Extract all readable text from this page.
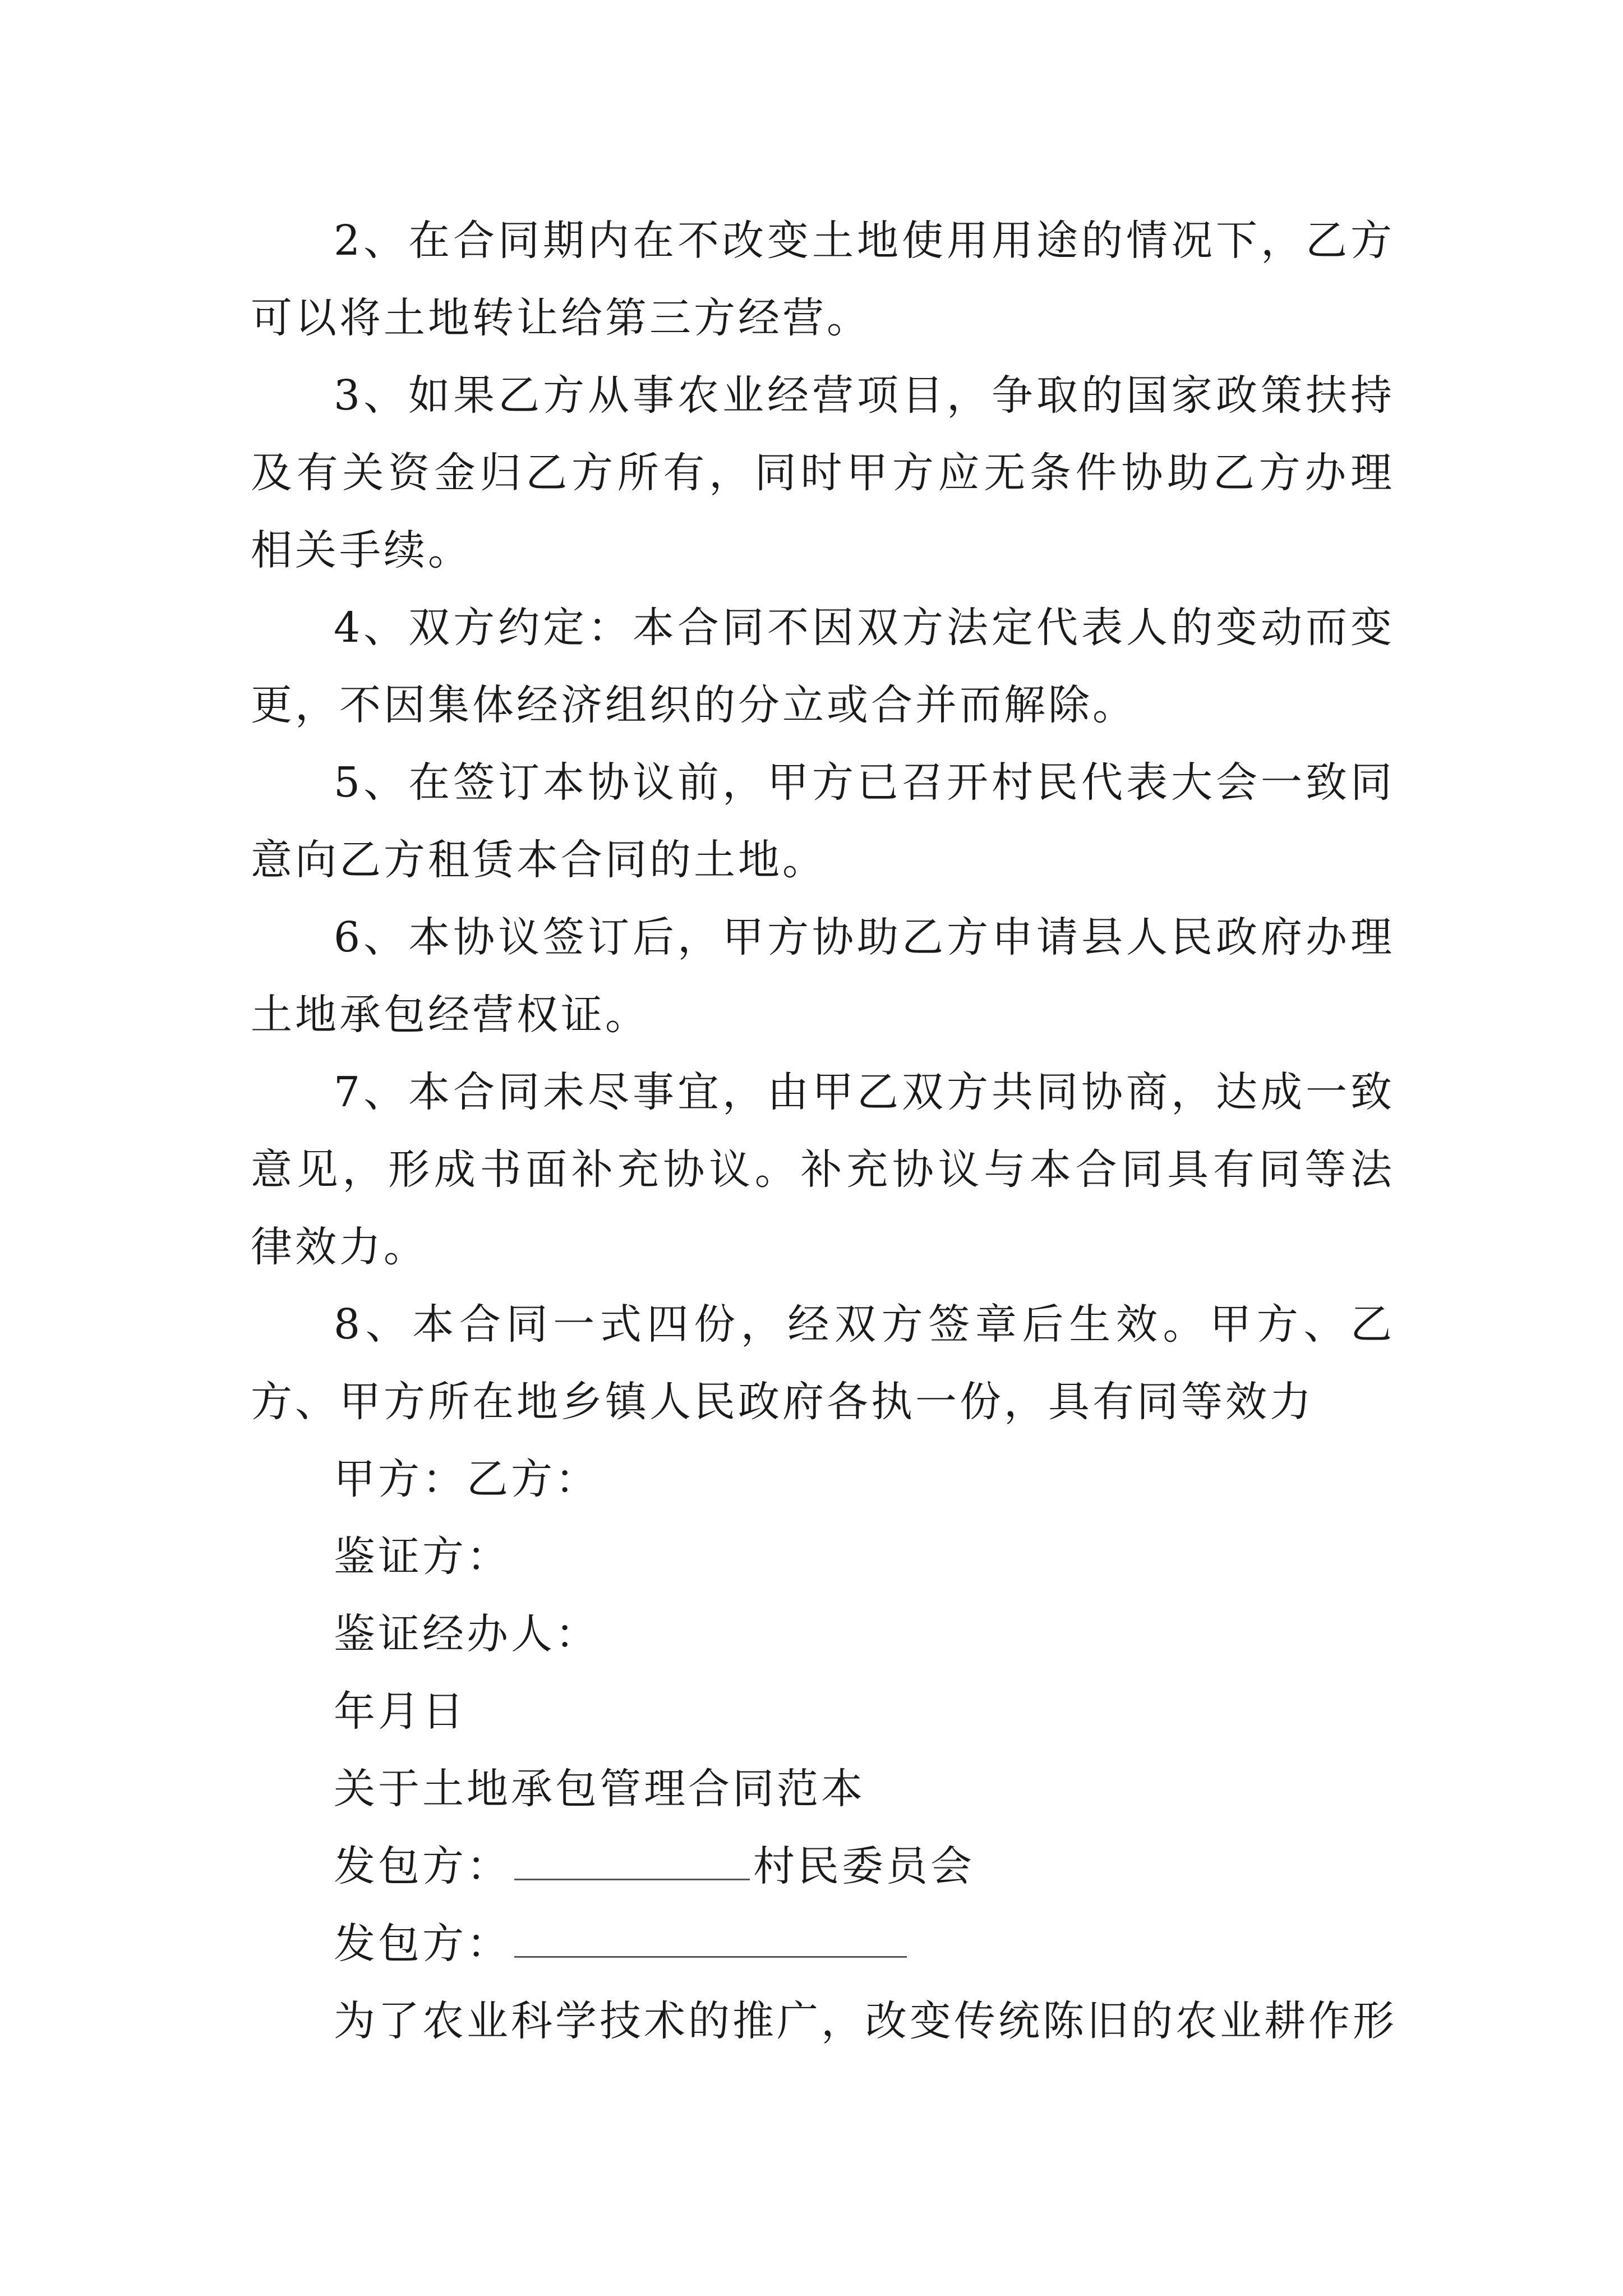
2、在合同期内在不改变土地使用用途的情况下，乙方可以将土地转让给第三方经营。

3、如果乙方从事农业经营项目，争取的国家政策扶持及有关资金归乙方所有，同时甲方应无条件协助乙方办理相关手续。

4、双方约定：本合同不因双方法定代表人的变动而变更，不因集体经济组织的分立或合并而解除。

5、在签订本协议前，甲方已召开村民代表大会一致同意向乙方租赁本合同的土地。

6、本协议签订后，甲方协助乙方申请县人民政府办理土地承包经营权证。

7、本合同未尽事宜，由甲乙双方共同协商，达成一致意见，形成书面补充协议。补充协议与本合同具有同等法律效力。

8、本合同一式四份，经双方签章后生效。甲方、乙方、甲方所在地乡镇人民政府各执一份，具有同等效力

甲方：乙方：

鉴证方：

鉴证经办人：

年月日

关于土地承包管理合同范本

发包方：	村民委员会

发包方：

为了农业科学技术的推广，改变传统陈旧的农业耕作形
